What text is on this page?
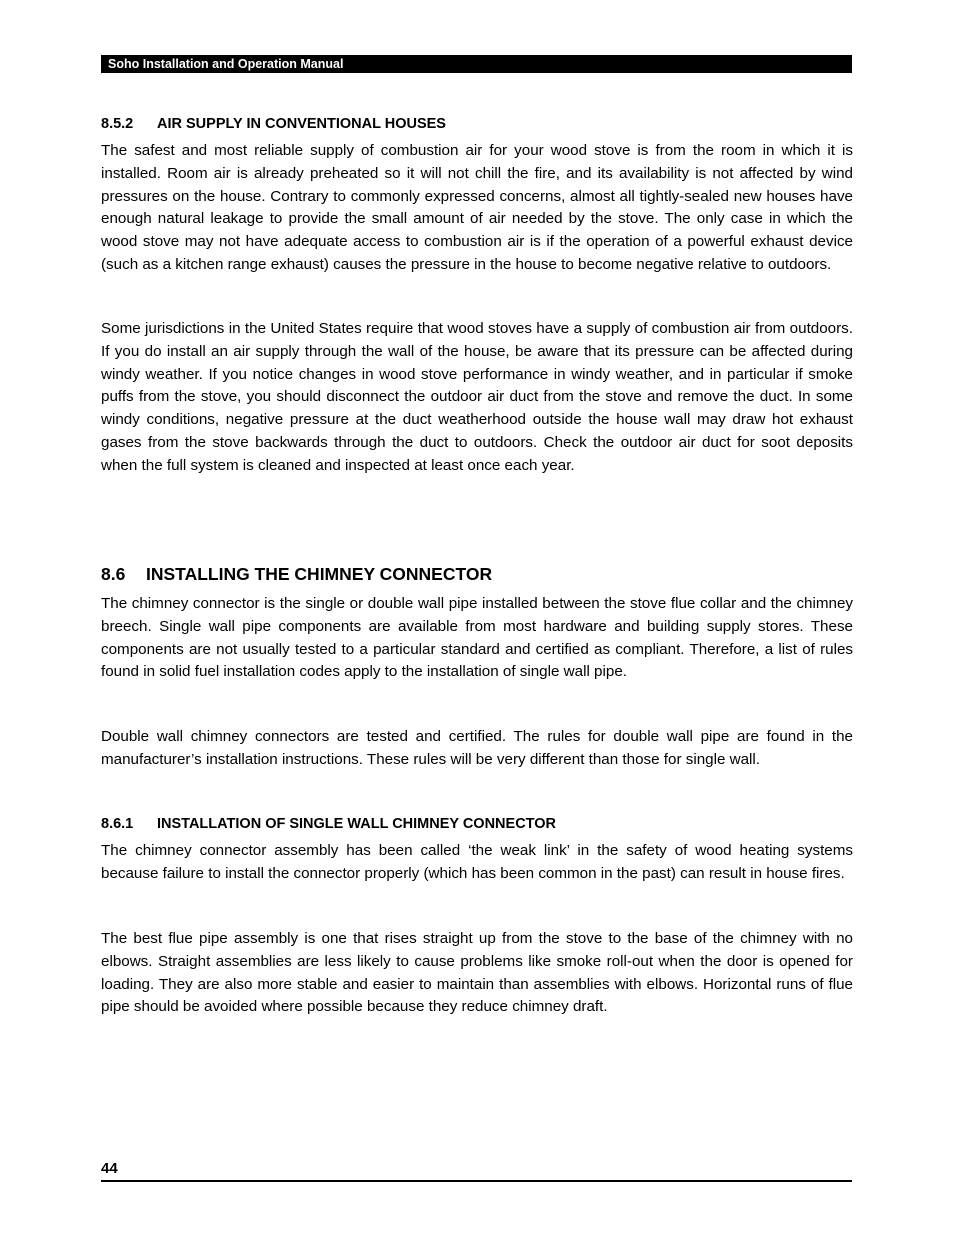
Soho Installation and Operation Manual
8.5.2 AIR SUPPLY IN CONVENTIONAL HOUSES

The safest and most reliable supply of combustion air for your wood stove is from the room in which it is installed. Room air is already preheated so it will not chill the fire, and its availability is not affected by wind pressures on the house. Contrary to commonly expressed concerns, almost all tightly-sealed new houses have enough natural leakage to provide the small amount of air needed by the stove. The only case in which the wood stove may not have adequate access to combustion air is if the operation of a powerful exhaust device (such as a kitchen range exhaust) causes the pressure in the house to become negative relative to outdoors.

Some jurisdictions in the United States require that wood stoves have a supply of combustion air from outdoors. If you do install an air supply through the wall of the house, be aware that its pressure can be affected during windy weather. If you notice changes in wood stove performance in windy weather, and in particular if smoke puffs from the stove, you should disconnect the outdoor air duct from the stove and remove the duct. In some windy conditions, negative pressure at the duct weatherhood outside the house wall may draw hot exhaust gases from the stove backwards through the duct to outdoors. Check the outdoor air duct for soot deposits when the full system is cleaned and inspected at least once each year.

8.6 INSTALLING THE CHIMNEY CONNECTOR

The chimney connector is the single or double wall pipe installed between the stove flue collar and the chimney breech. Single wall pipe components are available from most hardware and building supply stores. These components are not usually tested to a particular standard and certified as compliant. Therefore, a list of rules found in solid fuel installation codes apply to the installation of single wall pipe.

Double wall chimney connectors are tested and certified. The rules for double wall pipe are found in the manufacturer’s installation instructions. These rules will be very different than those for single wall.

8.6.1 INSTALLATION OF SINGLE WALL CHIMNEY CONNECTOR

The chimney connector assembly has been called ‘the weak link’ in the safety of wood heating systems because failure to install the connector properly (which has been common in the past) can result in house fires.

The best flue pipe assembly is one that rises straight up from the stove to the base of the chimney with no elbows. Straight assemblies are less likely to cause problems like smoke roll-out when the door is opened for loading. They are also more stable and easier to maintain than assemblies with elbows. Horizontal runs of flue pipe should be avoided where possible because they reduce chimney draft.

44
